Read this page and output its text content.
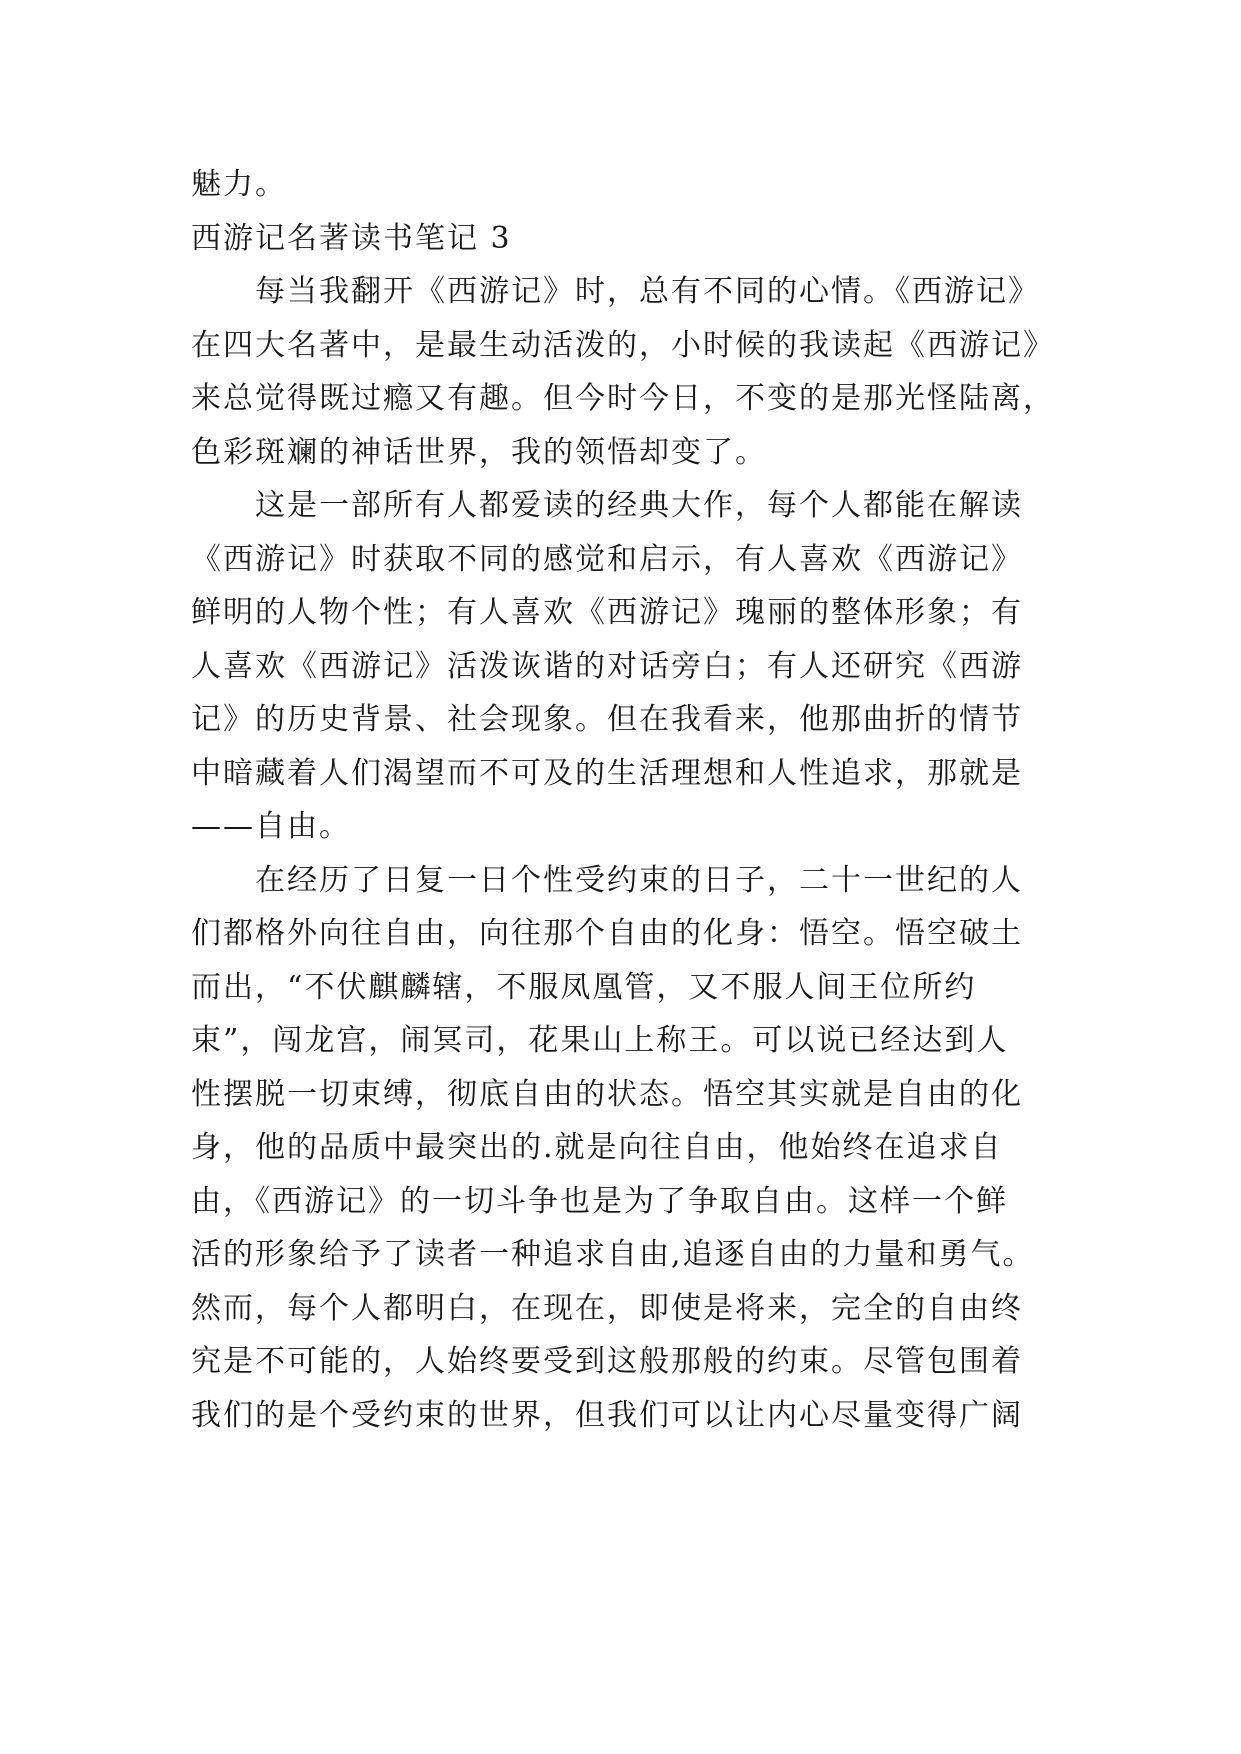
魅力。
西游记名著读书笔记 3
每当我翻开《西游记》时，总有不同的心情。《西游记》
在四大名著中，是最生动活泼的，小时候的我读起《西游记》
来总觉得既过瘾又有趣。但今时今日，不变的是那光怪陆离，
色彩斑斓的神话世界，我的领悟却变了。
这是一部所有人都爱读的经典大作，每个人都能在解读
《西游记》时获取不同的感觉和启示，有人喜欢《西游记》
鲜明的人物个性；有人喜欢《西游记》瑰丽的整体形象；有
人喜欢《西游记》活泼诙谐的对话旁白；有人还研究《西游
记》的历史背景、社会现象。但在我看来，他那曲折的情节
中暗藏着人们渴望而不可及的生活理想和人性追求，那就是
——自由。
在经历了日复一日个性受约束的日子，二十一世纪的人
们都格外向往自由，向往那个自由的化身：悟空。悟空破土
而出，“不伏麒麟辖，不服凤凰管，又不服人间王位所约
束”，闯龙宫，闹冥司，花果山上称王。可以说已经达到人
性摆脱一切束缚，彻底自由的状态。悟空其实就是自由的化
身，他的品质中最突出的.就是向往自由，他始终在追求自
由，《西游记》的一切斗争也是为了争取自由。这样一个鲜
活的形象给予了读者一种追求自由,追逐自由的力量和勇气。
然而，每个人都明白，在现在，即使是将来，完全的自由终
究是不可能的，人始终要受到这般那般的约束。尽管包围着
我们的是个受约束的世界，但我们可以让内心尽量变得广阔
